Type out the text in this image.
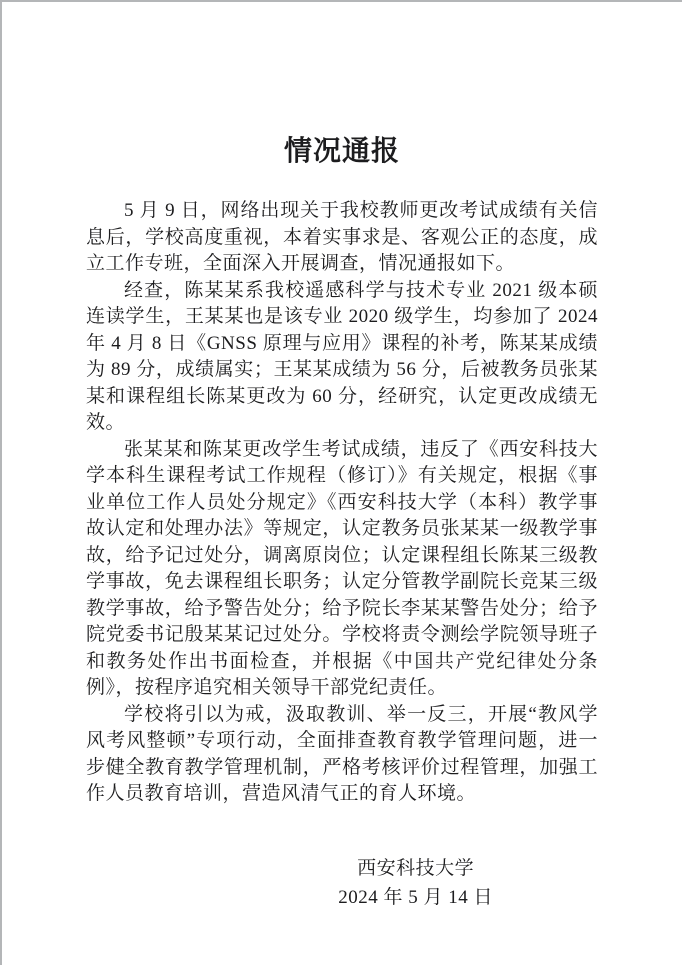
情况通报

5 月 9 日，网络出现关于我校教师更改考试成绩有关信息后，学校高度重视，本着实事求是、客观公正的态度，成立工作专班，全面深入开展调查，情况通报如下。

经查，陈某某系我校遥感科学与技术专业 2021 级本硕连读学生，王某某也是该专业 2020 级学生，均参加了 2024 年 4 月 8 日《GNSS 原理与应用》课程的补考，陈某某成绩为 89 分，成绩属实；王某某成绩为 56 分，后被教务员张某某和课程组长陈某更改为 60 分，经研究，认定更改成绩无效。

张某某和陈某更改学生考试成绩，违反了《西安科技大学本科生课程考试工作规程（修订）》有关规定，根据《事业单位工作人员处分规定》《西安科技大学（本科）教学事故认定和处理办法》等规定，认定教务员张某某一级教学事故，给予记过处分，调离原岗位；认定课程组长陈某三级教学事故，免去课程组长职务；认定分管教学副院长竞某三级教学事故，给予警告处分；给予院长李某某警告处分；给予院党委书记殷某某记过处分。学校将责令测绘学院领导班子和教务处作出书面检查，并根据《中国共产党纪律处分条例》，按程序追究相关领导干部党纪责任。

学校将引以为戒，汲取教训、举一反三，开展“教风学风考风整顿”专项行动，全面排查教育教学管理问题，进一步健全教育教学管理机制，严格考核评价过程管理，加强工作人员教育培训，营造风清气正的育人环境。

西安科技大学
2024 年 5 月 14 日
